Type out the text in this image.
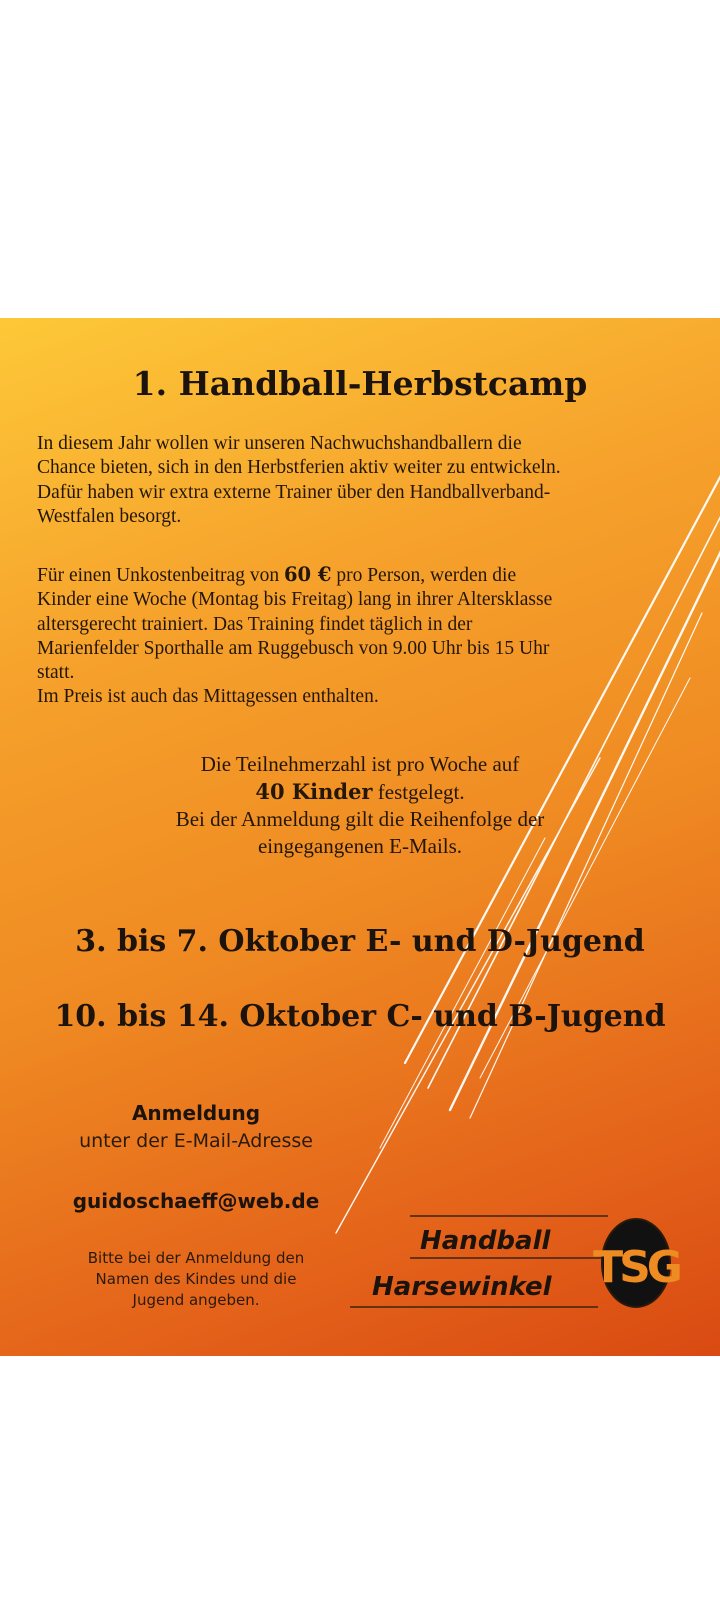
1. Handball-Herbstcamp
In diesem Jahr wollen wir unseren Nachwuchshandballern die
Chance bieten, sich in den Herbstferien aktiv weiter zu entwickeln.
Dafür haben wir extra externe Trainer über den Handballverband-
Westfalen besorgt.
Für einen Unkostenbeitrag von 60 € pro Person, werden die
Kinder eine Woche (Montag bis Freitag) lang in ihrer Altersklasse
altersgerecht trainiert. Das Training findet täglich in der
Marienfelder Sporthalle am Ruggebusch von 9.00 Uhr bis 15 Uhr
statt.
Im Preis ist auch das Mittagessen enthalten.
Die Teilnehmerzahl ist pro Woche auf
40 Kinder festgelegt.
Bei der Anmeldung gilt die Reihenfolge der
eingegangenen E-Mails.
3. bis 7. Oktober E- und D-Jugend
10. bis 14. Oktober C- und B-Jugend
Anmeldung
unter der E-Mail-Adresse
guidoschaeff@web.de
Bitte bei der Anmeldung den
Namen des Kindes und die
Jugend angeben.
Handball
Harsewinkel TSG
